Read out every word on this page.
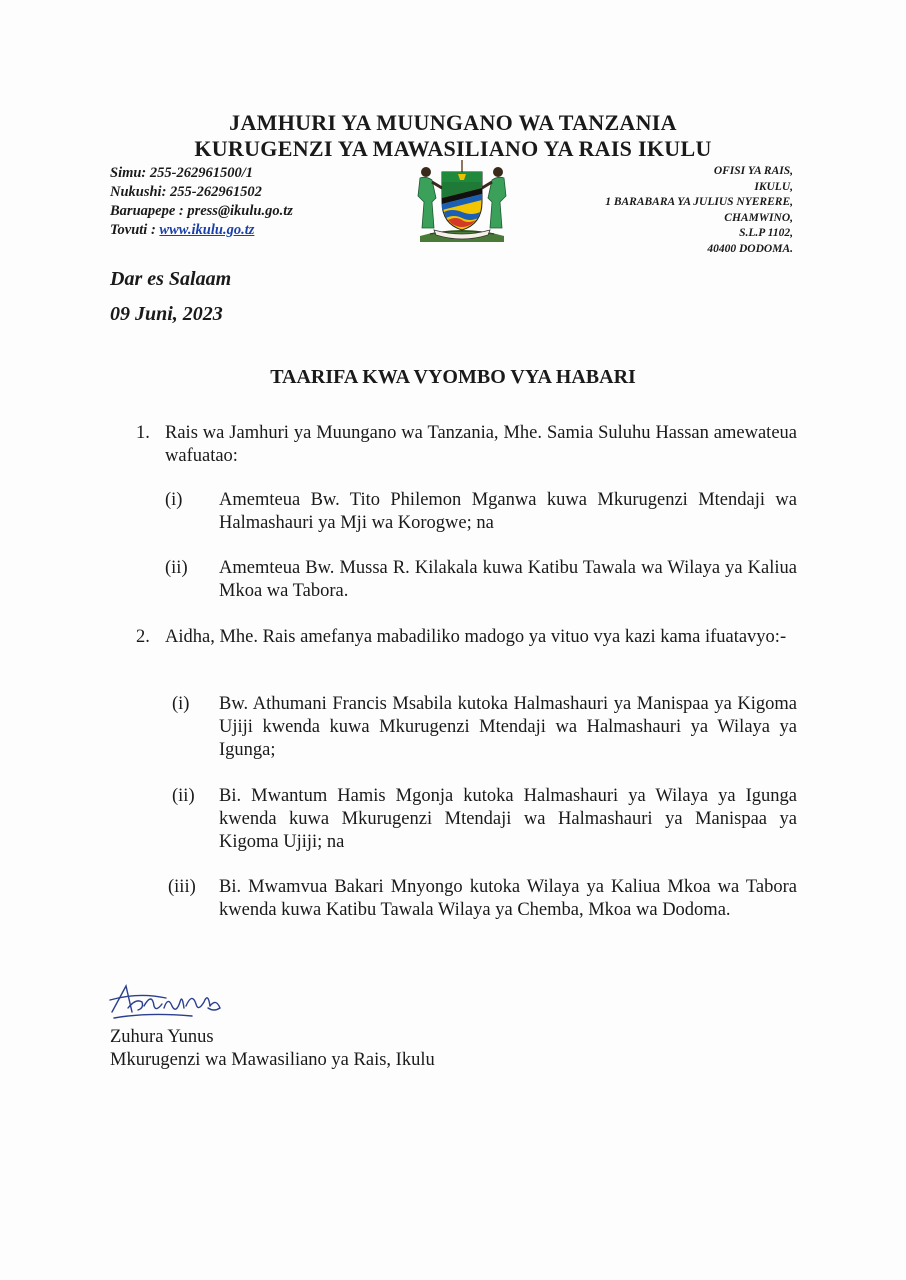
JAMHURI YA MUUNGANO WA TANZANIA
KURUGENZI YA MAWASILIANO YA RAIS IKULU
Simu: 255-262961500/1
Nukushi: 255-262961502
Baruapepe : press@ikulu.go.tz
Tovuti : www.ikulu.go.tz
OFISI YA RAIS,
IKULU,
1 BARABARA YA JULIUS NYERERE,
CHAMWINO,
S.L.P 1102,
40400 DODOMA.
Dar es Salaam
09 Juni, 2023
TAARIFA KWA VYOMBO VYA HABARI
1. Rais wa Jamhuri ya Muungano wa Tanzania, Mhe. Samia Suluhu Hassan amewateua wafuatao:
(i) Amemteua Bw. Tito Philemon Mganwa kuwa Mkurugenzi Mtendaji wa Halmashauri ya Mji wa Korogwe; na
(ii) Amemteua Bw. Mussa R. Kilakala kuwa Katibu Tawala wa Wilaya ya Kaliua Mkoa wa Tabora.
2. Aidha, Mhe. Rais amefanya mabadiliko madogo ya vituo vya kazi kama ifuatavyo:-
(i) Bw. Athumani Francis Msabila kutoka Halmashauri ya Manispaa ya Kigoma Ujiji kwenda kuwa Mkurugenzi Mtendaji wa Halmashauri ya Wilaya ya Igunga;
(ii) Bi. Mwantum Hamis Mgonja kutoka Halmashauri ya Wilaya ya Igunga kwenda kuwa Mkurugenzi Mtendaji wa Halmashauri ya Manispaa ya Kigoma Ujiji; na
(iii) Bi. Mwamvua Bakari Mnyongo kutoka Wilaya ya Kaliua Mkoa wa Tabora kwenda kuwa Katibu Tawala Wilaya ya Chemba, Mkoa wa Dodoma.
Zuhura Yunus
Mkurugenzi wa Mawasiliano ya Rais, Ikulu
